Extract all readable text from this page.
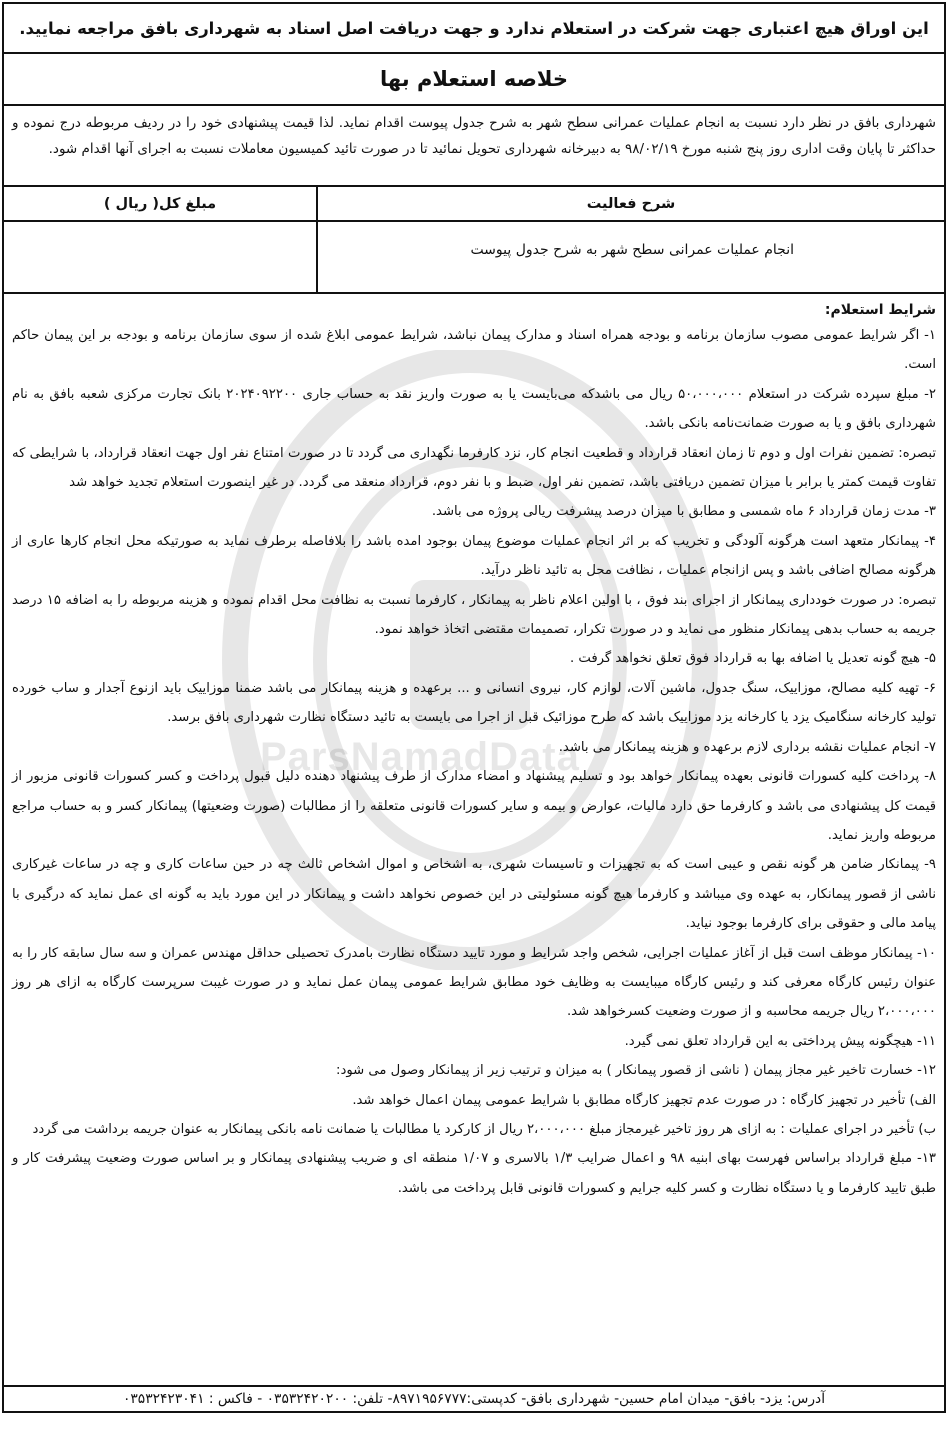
این اوراق هیچ اعتباری جهت شرکت در استعلام ندارد و جهت دریافت اصل اسناد به شهرداری بافق مراجعه نمایید.
خلاصه استعلام بها
شهرداری بافق در نظر دارد نسبت به انجام عملیات عمرانی سطح شهر به شرح جدول پیوست اقدام نماید. لذا قیمت پیشنهادی خود را در ردیف مربوطه درج نموده و حداکثر تا پایان وقت اداری روز پنج شنبه مورخ ۹۸/۰۲/۱۹ به دبیرخانه شهرداری تحویل نمائید تا در صورت تائید کمیسیون معاملات نسبت به اجرای آنها اقدام شود.
شرح فعالیت
مبلغ کل( ریال )
انجام عملیات عمرانی سطح شهر به شرح جدول پیوست

شرایط استعلام:

۱- اگر شرایط عمومی مصوب سازمان برنامه و بودجه همراه اسناد و مدارک پیمان نباشد، شرایط عمومی ابلاغ شده از سوی سازمان برنامه و بودجه بر این پیمان حاکم است.

۲- مبلغ سپرده شرکت در استعلام ۵۰،۰۰۰،۰۰۰ ریال می باشدکه می‌بایست یا به صورت واریز نقد به حساب جاری ۲۰۲۴۰۹۲۲۰۰ بانک تجارت مرکزی شعبه بافق به نام شهرداری بافق و یا به صورت ضمانت‌نامه بانکی باشد.

تبصره: تضمین نفرات اول و دوم تا زمان انعقاد قرارداد و قطعیت انجام کار، نزد کارفرما نگهداری می گردد تا در صورت امتناع نفر اول جهت انعقاد قرارداد، با شرایطی که تفاوت قیمت کمتر یا برابر با میزان تضمین دریافتی باشد، تضمین نفر اول، ضبط و با نفر دوم، قرارداد منعقد می گردد. در غیر اینصورت استعلام تجدید خواهد شد

۳- مدت زمان قرارداد ۶ ماه شمسی و مطابق با میزان درصد پیشرفت ریالی پروژه می باشد.

۴- پیمانکار متعهد است هرگونه آلودگی و تخریب که بر اثر انجام عملیات موضوع پیمان بوجود امده باشد را بلافاصله برطرف نماید به صورتیکه محل انجام کارها عاری از هرگونه مصالح اضافی باشد و پس ازانجام عملیات ، نظافت محل به تائید ناظر درآید.

تبصره: در صورت خودداری پیمانکار از اجرای بند فوق ، با اولین اعلام ناظر به پیمانکار ، کارفرما نسبت به نظافت محل اقدام نموده و هزینه مربوطه را به اضافه ۱۵ درصد جریمه به حساب بدهی پیمانکار منظور می نماید و در صورت تکرار، تصمیمات مقتضی اتخاذ خواهد نمود.

۵- هیچ گونه تعدیل یا اضافه بها به قرارداد فوق تعلق نخواهد گرفت .

۶- تهیه کلیه مصالح، موزاییک، سنگ جدول، ماشین آلات، لوازم کار، نیروی انسانی و ... برعهده و هزینه پیمانکار می باشد ضمنا موزاییک باید ازنوع آجدار و ساب خورده تولید کارخانه سنگامیک یزد یا کارخانه یزد موزاییک باشد که طرح موزائیک قبل از اجرا می بایست به تائید دستگاه نظارت شهرداری بافق برسد.

۷- انجام عملیات نقشه برداری لازم برعهده و هزینه پیمانکار می باشد.

۸- پرداخت کلیه کسورات قانونی بعهده پیمانکار خواهد بود و تسلیم پیشنهاد و امضاء مدارک از طرف پیشنهاد دهنده دلیل قبول پرداخت و کسر کسورات قانونی مزبور از قیمت کل پیشنهادی می باشد و کارفرما حق دارد مالیات، عوارض و بیمه و سایر کسورات قانونی متعلقه را از مطالبات (صورت وضعیتها) پیمانکار کسر و به حساب مراجع مربوطه واریز نماید.

۹- پیمانکار ضامن هر گونه نقص و عیبی است که به تجهیزات و تاسیسات شهری، به اشخاص و اموال اشخاص ثالث چه در حین ساعات کاری و چه در ساعات غیرکاری ناشی از قصور پیمانکار، به عهده وی میباشد و کارفرما هیچ گونه مسئولیتی در این خصوص نخواهد داشت و پیمانکار در این مورد باید به گونه ای عمل نماید که درگیری با پیامد مالی و حقوقی برای کارفرما بوجود نیاید.

۱۰- پیمانکار موظف است قبل از آغاز عملیات اجرایی، شخص واجد شرایط و مورد تایید دستگاه نظارت بامدرک تحصیلی حداقل مهندس عمران و سه سال سابقه کار را به عنوان رئیس کارگاه معرفی کند و رئیس کارگاه میبایست به وظایف خود مطابق شرایط عمومی پیمان عمل نماید و در صورت غیبت سرپرست کارگاه به ازای هر روز ۲،۰۰۰،۰۰۰ ریال جریمه محاسبه و از صورت وضعیت کسرخواهد شد.

۱۱- هیچگونه پیش پرداختی به این قرارداد تعلق نمی گیرد.

۱۲- خسارت تاخیر غیر مجاز پیمان ( ناشی از قصور پیمانکار ) به میزان و ترتیب زیر از پیمانکار وصول می شود:

الف) تأخیر در تجهیز کارگاه : در صورت عدم تجهیز کارگاه مطابق با شرایط عمومی پیمان اعمال خواهد شد.

ب) تأخیر در اجرای عملیات : به ازای هر روز تاخیر غیرمجاز مبلغ ۲،۰۰۰،۰۰۰ ریال از کارکرد یا مطالبات یا ضمانت نامه بانکی پیمانکار به عنوان جریمه برداشت می گردد

۱۳- مبلغ قرارداد براساس فهرست بهای ابنیه ۹۸ و اعمال ضرایب ۱/۳ بالاسری و ۱/۰۷ منطقه ای و ضریب پیشنهادی پیمانکار و بر اساس صورت وضعیت پیشرفت کار و طبق تایید کارفرما و یا دستگاه نظارت و کسر کلیه جرایم و کسورات قانونی قابل پرداخت می باشد.

آدرس: یزد- بافق- میدان امام حسین- شهرداری بافق- کدپستی:۸۹۷۱۹۵۶۷۷۷- تلفن: ۰۳۵۳۲۴۲۰۲۰۰ - فاکس : ۰۳۵۳۲۴۲۳۰۴۱
ParsNamadData
